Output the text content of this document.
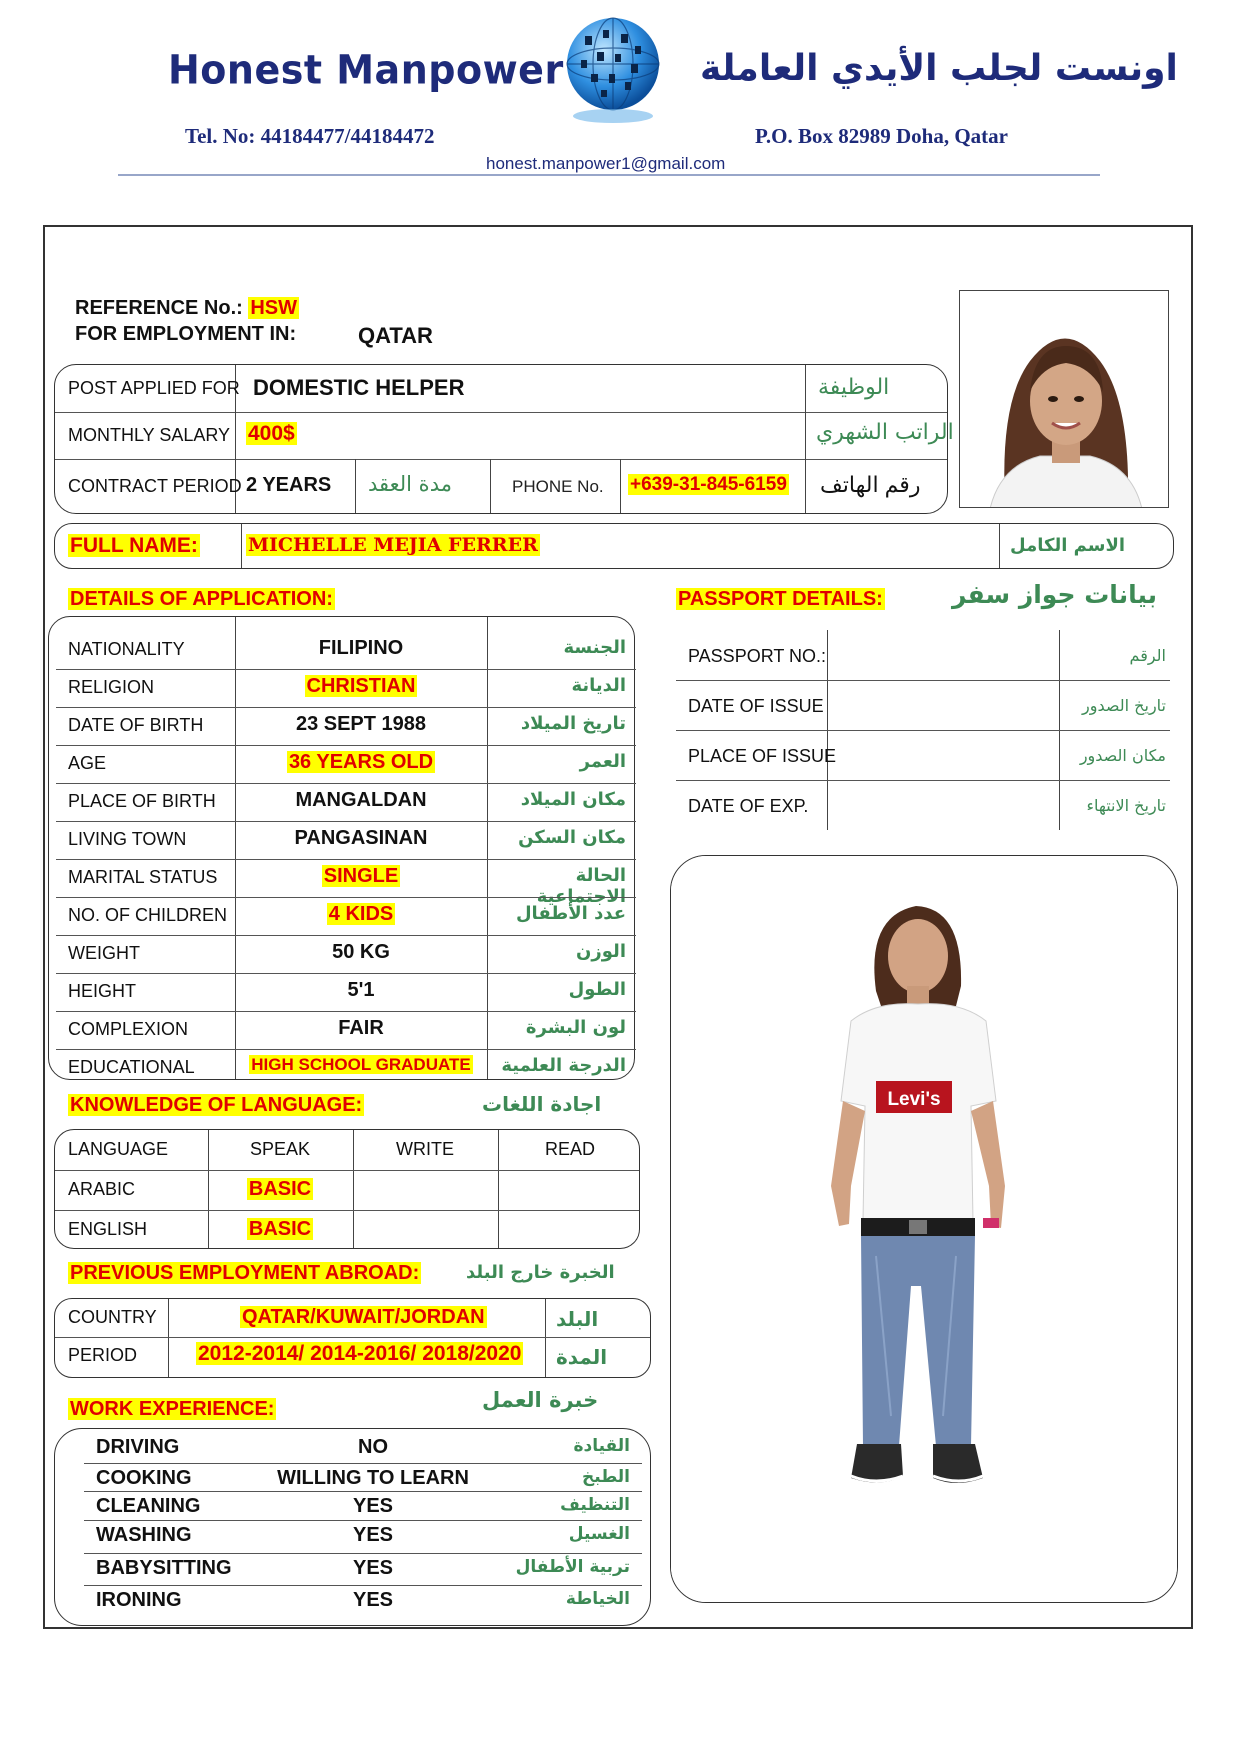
Honest Manpower	اونست لجلب الأيدي العاملة
Tel. No: 44184477/44184472	P.O. Box 82989 Doha, Qatar
honest.manpower1@gmail.com
REFERENCE No.: HSW
FOR EMPLOYMENT IN:	QATAR
POST APPLIED FOR DOMESTIC HELPER	الوظيفة
MONTHLY SALARY 400$	الراتب الشهري
CONTRACT PERIOD 2 YEARS مدة العقد	PHONE No. +639-31-845-6159 رقم الهاتف
FULL NAME:	MICHELLE MEJIA FERRER	الاسم الكامل
DETAILS OF APPLICATION:	PASSPORT DETAILS:	بيانات جواز سفر
NATIONALITY	FILIPINO	الجنسة
RELIGION	CHRISTIAN	الديانة
DATE OF BIRTH	23 SEPT 1988	تاريخ الميلاد
AGE	36 YEARS OLD	العمر
PLACE OF BIRTH	MANGALDAN	مكان الميلاد
LIVING TOWN	PANGASINAN	مكان السكن
MARITAL STATUS	SINGLE	الحالة الاجتماعية
NO. OF CHILDREN	4 KIDS	عدد الأطفال
WEIGHT	50 KG	الوزن
HEIGHT	5'1	الطول
COMPLEXION	FAIR	لون البشرة
EDUCATIONAL	HIGH SCHOOL GRADUATE	الدرجة العلمية
PASSPORT NO.:	الرقم
DATE OF ISSUE	تاريخ الصدور
PLACE OF ISSUE	مكان الصدور
DATE OF EXP.	تاريخ الانتهاء
Levi's
KNOWLEDGE OF LANGUAGE:	اجادة اللغات
LANGUAGE	SPEAK	WRITE	READ
ARABIC	BASIC
ENGLISH	BASIC
PREVIOUS EMPLOYMENT ABROAD:	الخبرة خارج البلد
COUNTRY	QATAR/KUWAIT/JORDAN	البلد
PERIOD	2012-2014/ 2014-2016/ 2018/2020 المدة
WORK EXPERIENCE:	خبرة العمل
DRIVING	NO	القيادة
COOKING	WILLING TO LEARN	الطبخ
CLEANING	YES	التنظيف
WASHING	YES	الغسيل
BABYSITTING	YES	تربية الأطفال
IRONING	YES	الخياطة
